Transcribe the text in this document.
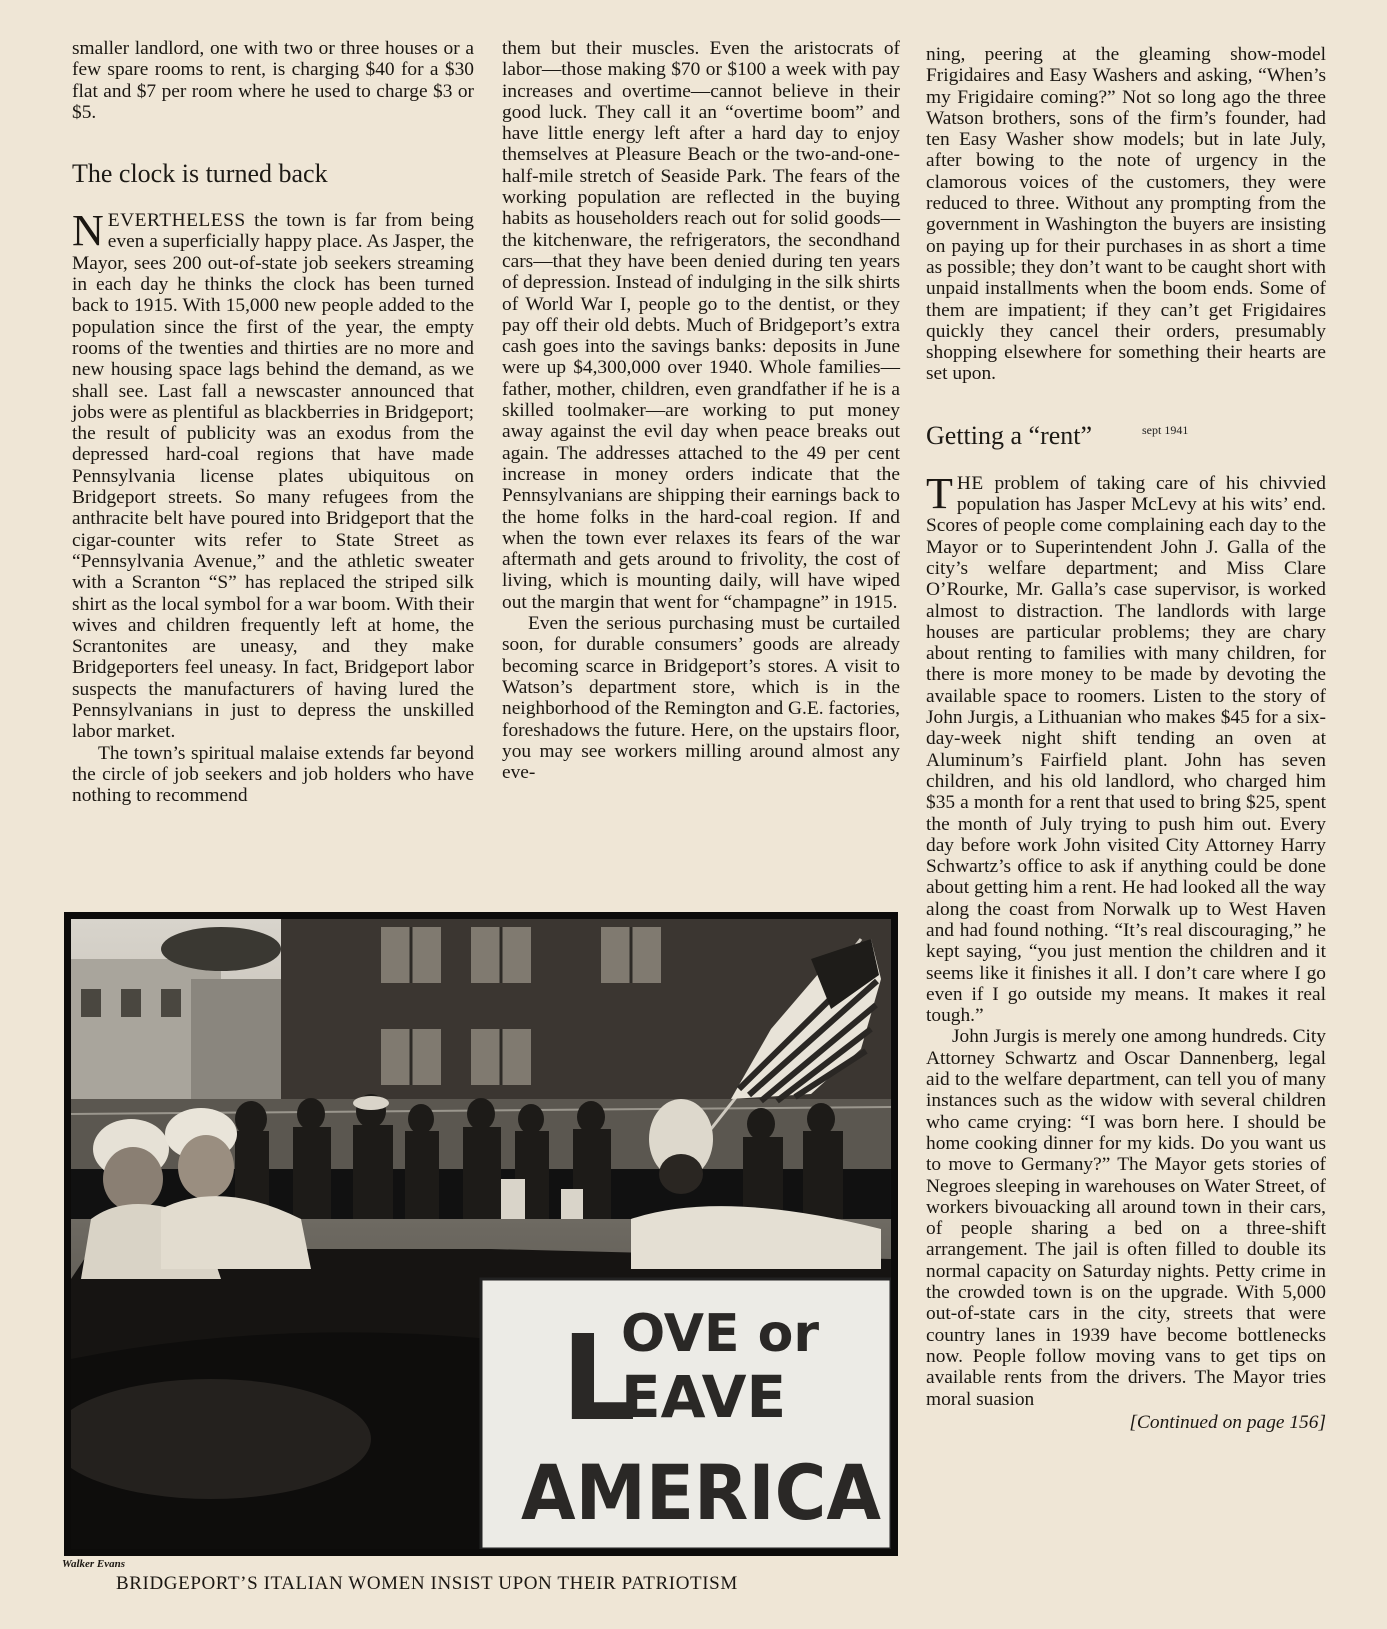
smaller landlord, one with two or three houses or a few spare rooms to rent, is charging $40 for a $30 flat and $7 per room where he used to charge $3 or $5.

The clock is turned back

NEVERTHELESS the town is far from being even a superficially happy place. As Jasper, the Mayor, sees 200 out-of-state job seekers streaming in each day he thinks the clock has been turned back to 1915. With 15,000 new people added to the population since the first of the year, the empty rooms of the twenties and thirties are no more and new housing space lags behind the demand, as we shall see. Last fall a newscaster announced that jobs were as plentiful as blackberries in Bridgeport; the result of publicity was an exodus from the depressed hard-coal regions that have made Pennsylvania license plates ubiquitous on Bridgeport streets. So many refugees from the anthracite belt have poured into Bridgeport that the cigar-counter wits refer to State Street as “Pennsylvania Avenue,” and the athletic sweater with a Scranton “S” has replaced the striped silk shirt as the local symbol for a war boom. With their wives and children frequently left at home, the Scrantonites are uneasy, and they make Bridgeporters feel uneasy. In fact, Bridgeport labor suspects the manufacturers of having lured the Pennsylvanians in just to depress the unskilled labor market.

The town’s spiritual malaise extends far beyond the circle of job seekers and job holders who have nothing to recommend

them but their muscles. Even the aristocrats of labor—those making $70 or $100 a week with pay increases and overtime—cannot believe in their good luck. They call it an “overtime boom” and have little energy left after a hard day to enjoy themselves at Pleasure Beach or the two-and-one-half-mile stretch of Seaside Park. The fears of the working population are reflected in the buying habits as householders reach out for solid goods—the kitchenware, the refrigerators, the secondhand cars—that they have been denied during ten years of depression. Instead of indulging in the silk shirts of World War I, people go to the dentist, or they pay off their old debts. Much of Bridgeport’s extra cash goes into the savings banks: deposits in June were up $4,300,000 over 1940. Whole families—father, mother, children, even grandfather if he is a skilled toolmaker—are working to put money away against the evil day when peace breaks out again. The addresses attached to the 49 per cent increase in money orders indicate that the Pennsylvanians are shipping their earnings back to the home folks in the hard-coal region. If and when the town ever relaxes its fears of the war aftermath and gets around to frivolity, the cost of living, which is mounting daily, will have wiped out the margin that went for “champagne” in 1915.

Even the serious purchasing must be curtailed soon, for durable consumers’ goods are already becoming scarce in Bridgeport’s stores. A visit to Watson’s department store, which is in the neighborhood of the Remington and G.E. factories, foreshadows the future. Here, on the upstairs floor, you may see workers milling around almost any eve-

ning, peering at the gleaming show-model Frigidaires and Easy Washers and asking, “When’s my Frigidaire coming?” Not so long ago the three Watson brothers, sons of the firm’s founder, had ten Easy Washer show models; but in late July, after bowing to the note of urgency in the clamorous voices of the customers, they were reduced to three. Without any prompting from the government in Washington the buyers are insisting on paying up for their purchases in as short a time as possible; they don’t want to be caught short with unpaid installments when the boom ends. Some of them are impatient; if they can’t get Frigidaires quickly they cancel their orders, presumably shopping elsewhere for something their hearts are set upon.

Getting a “rent”	sept 1941

THE problem of taking care of his chivvied population has Jasper McLevy at his wits’ end. Scores of people come complaining each day to the Mayor or to Superintendent John J. Galla of the city’s welfare department; and Miss Clare O’Rourke, Mr. Galla’s case supervisor, is worked almost to distraction. The landlords with large houses are particular problems; they are chary about renting to families with many children, for there is more money to be made by devoting the available space to roomers. Listen to the story of John Jurgis, a Lithuanian who makes $45 for a six-day-week night shift tending an oven at Aluminum’s Fairfield plant. John has seven children, and his old landlord, who charged him $35 a month for a rent that used to bring $25, spent the month of July trying to push him out. Every day before work John visited City Attorney Harry Schwartz’s office to ask if anything could be done about getting him a rent. He had looked all the way along the coast from Norwalk up to West Haven and had found nothing. “It’s real discouraging,” he kept saying, “you just mention the children and it seems like it finishes it all. I don’t care where I go even if I go outside my means. It makes it real tough.”

John Jurgis is merely one among hundreds. City Attorney Schwartz and Oscar Dannenberg, legal aid to the welfare department, can tell you of many instances such as the widow with several children who came crying: “I was born here. I should be home cooking dinner for my kids. Do you want us to move to Germany?” The Mayor gets stories of Negroes sleeping in warehouses on Water Street, of workers bivouacking all around town in their cars, of people sharing a bed on a three-shift arrangement. The jail is often filled to double its normal capacity on Saturday nights. Petty crime in the crowded town is on the upgrade. With 5,000 out-of-state cars in the city, streets that were country lanes in 1939 have become bottlenecks now. People follow moving vans to get tips on available rents from the drivers. The Mayor tries moral suasion

[Continued on page 156]
L
OVE or
EAVE
AMERICA
Walker Evans
BRIDGEPORT’S ITALIAN WOMEN INSIST UPON THEIR PATRIOTISM
